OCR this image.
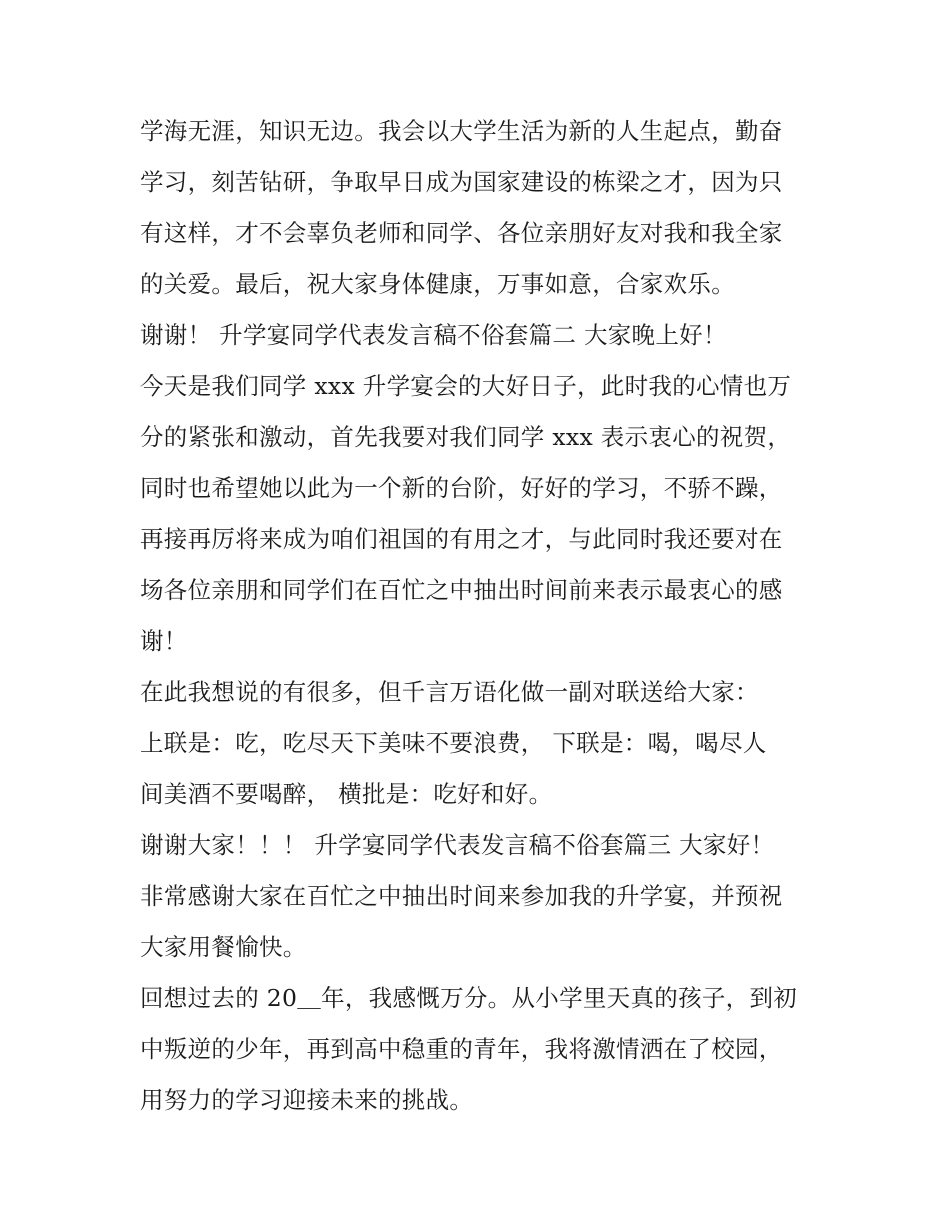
学海无涯，知识无边。我会以大学生活为新的人生起点，勤奋
学习，刻苦钻研，争取早日成为国家建设的栋梁之才，因为只
有这样，才不会辜负老师和同学、各位亲朋好友对我和我全家
的关爱。最后，祝大家身体健康，万事如意，合家欢乐。
谢谢！ 升学宴同学代表发言稿不俗套篇二 大家晚上好！
今天是我们同学 xxx 升学宴会的大好日子，此时我的心情也万
分的紧张和激动，首先我要对我们同学 xxx 表示衷心的祝贺，
同时也希望她以此为一个新的台阶，好好的学习，不骄不躁，
再接再厉将来成为咱们祖国的有用之才，与此同时我还要对在
场各位亲朋和同学们在百忙之中抽出时间前来表示最衷心的感
谢！
在此我想说的有很多，但千言万语化做一副对联送给大家：
上联是：吃，吃尽天下美味不要浪费， 下联是：喝，喝尽人
间美酒不要喝醉， 横批是：吃好和好。
谢谢大家！！！ 升学宴同学代表发言稿不俗套篇三 大家好！
非常感谢大家在百忙之中抽出时间来参加我的升学宴，并预祝
大家用餐愉快。
回想过去的 20＿年，我感慨万分。从小学里天真的孩子，到初
中叛逆的少年，再到高中稳重的青年，我将激情洒在了校园，
用努力的学习迎接未来的挑战。
